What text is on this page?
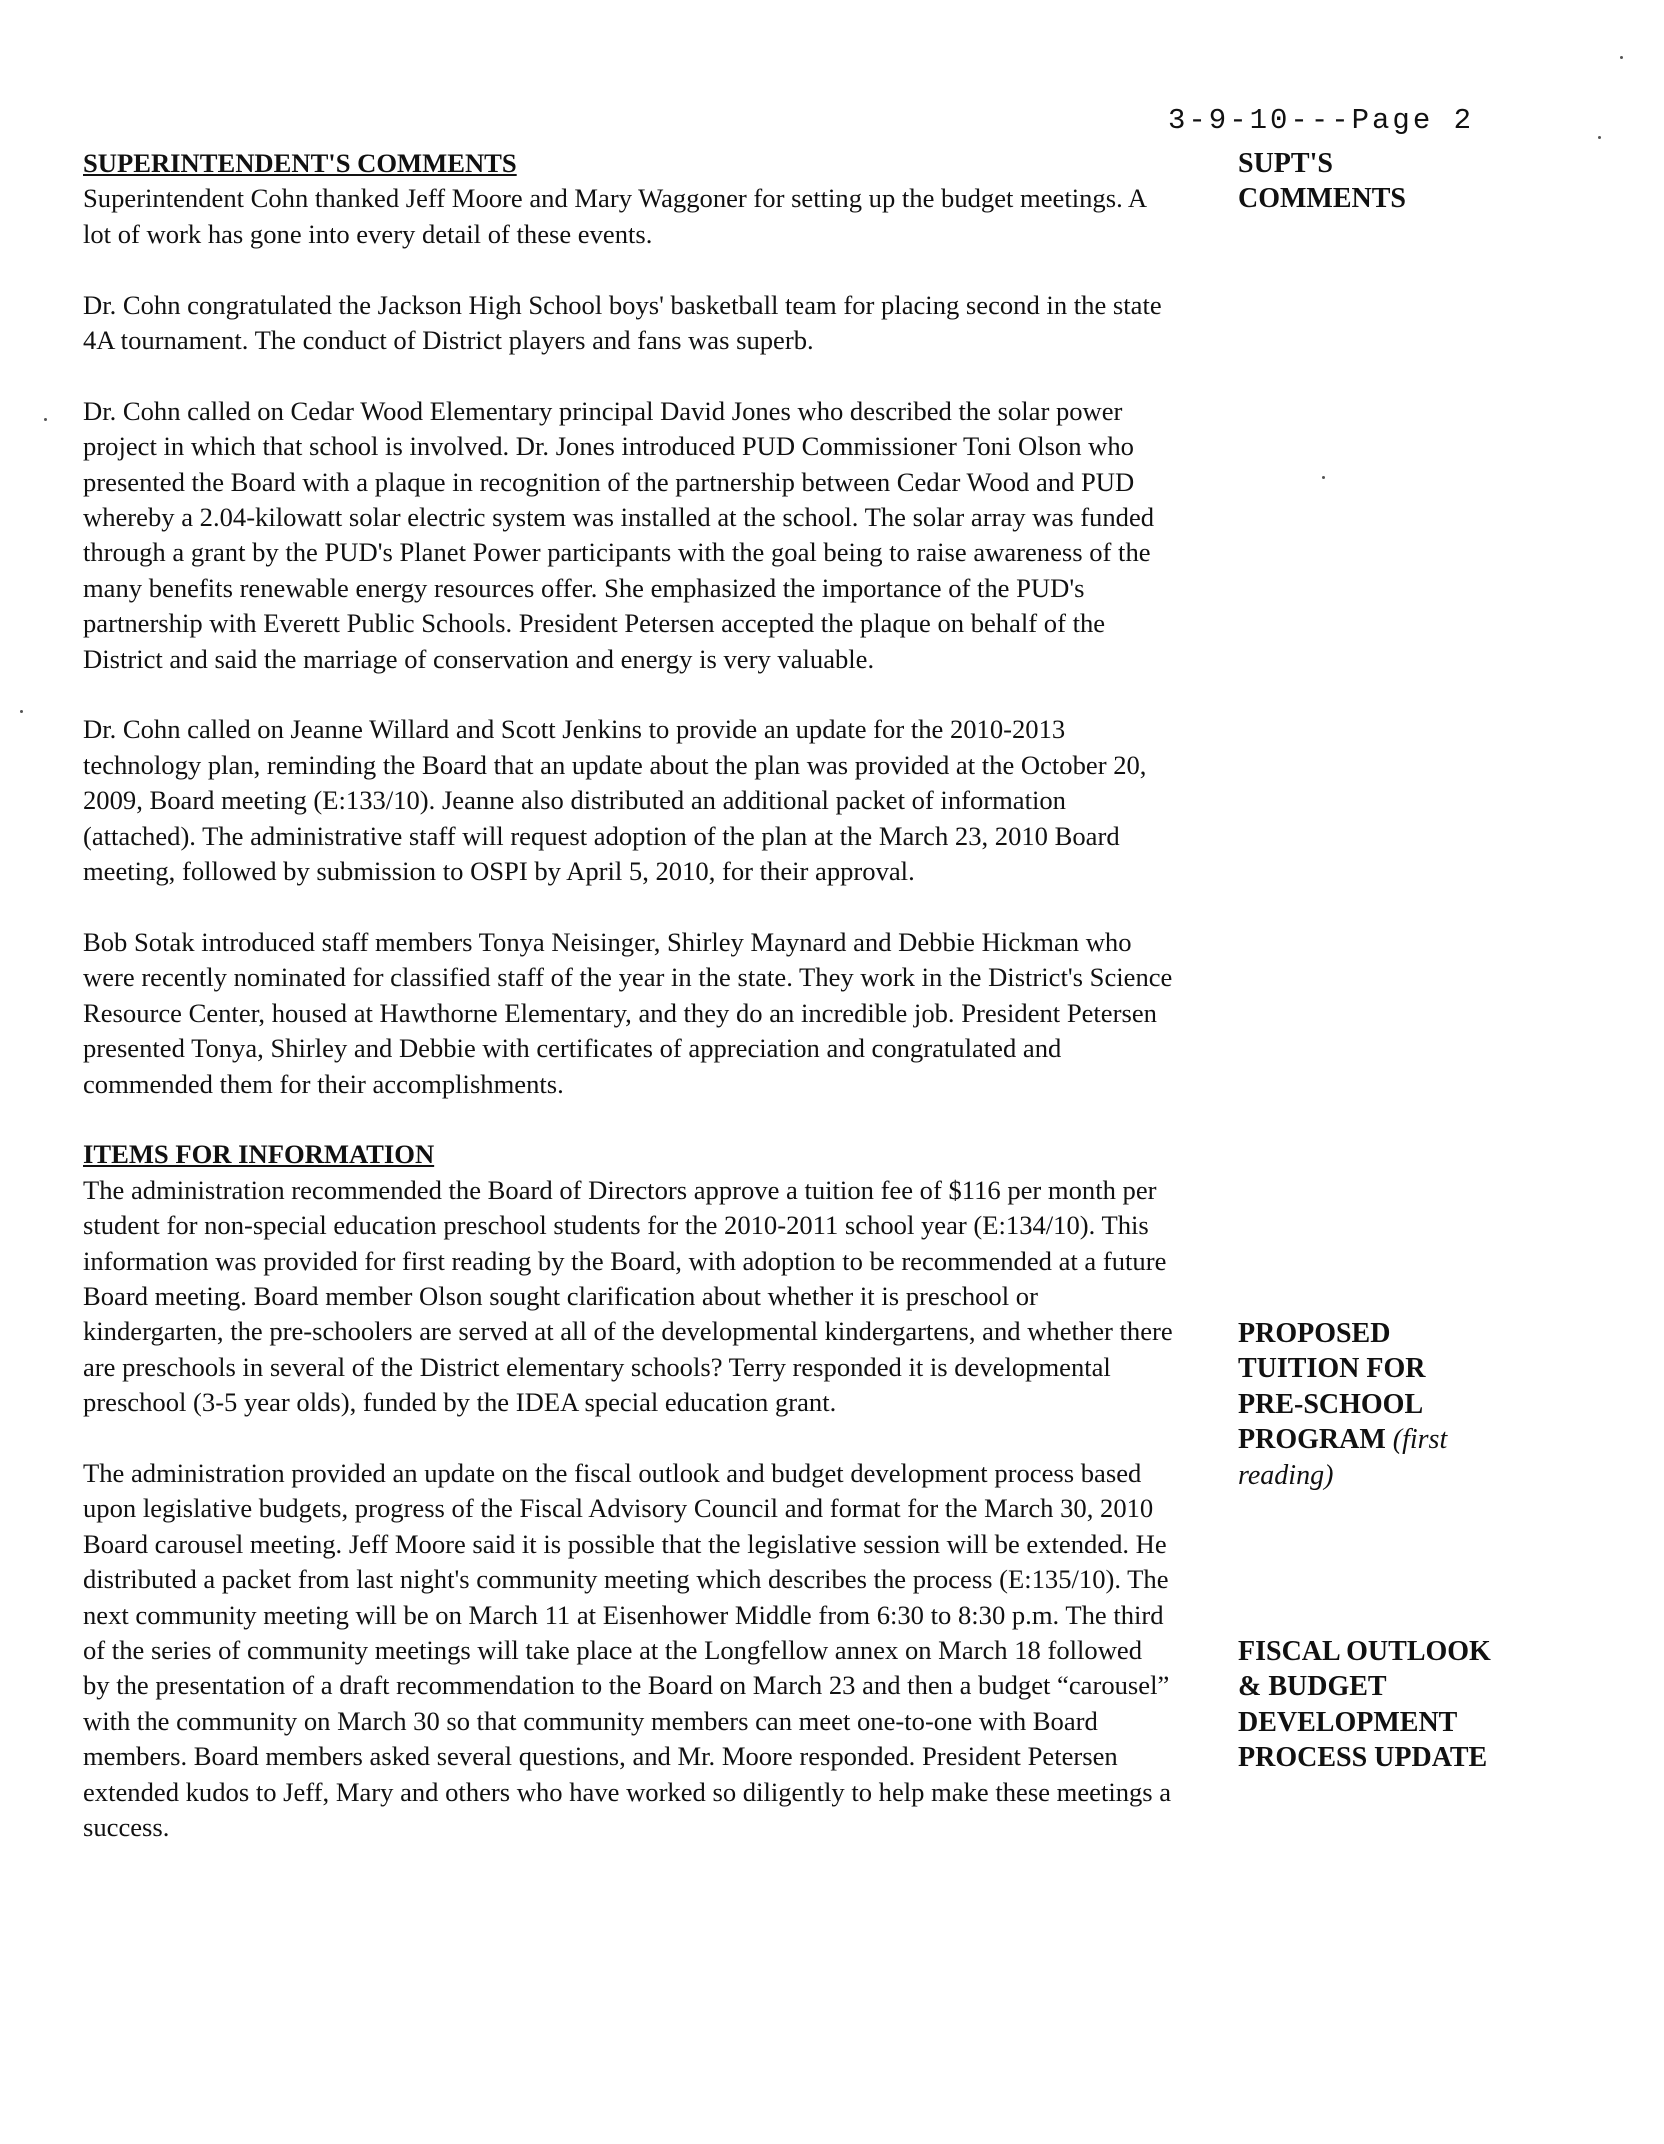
3-9-10---Page 2

SUPERINTENDENT'S COMMENTS

Superintendent Cohn thanked Jeff Moore and Mary Waggoner for setting up the budget meetings. A lot of work has gone into every detail of these events.

Dr. Cohn congratulated the Jackson High School boys' basketball team for placing second in the state 4A tournament. The conduct of District players and fans was superb.

Dr. Cohn called on Cedar Wood Elementary principal David Jones who described the solar power project in which that school is involved. Dr. Jones introduced PUD Commissioner Toni Olson who presented the Board with a plaque in recognition of the partnership between Cedar Wood and PUD whereby a 2.04-kilowatt solar electric system was installed at the school. The solar array was funded through a grant by the PUD's Planet Power participants with the goal being to raise awareness of the many benefits renewable energy resources offer. She emphasized the importance of the PUD's partnership with Everett Public Schools. President Petersen accepted the plaque on behalf of the District and said the marriage of conservation and energy is very valuable.

Dr. Cohn called on Jeanne Willard and Scott Jenkins to provide an update for the 2010-2013 technology plan, reminding the Board that an update about the plan was provided at the October 20, 2009, Board meeting (E:133/10). Jeanne also distributed an additional packet of information (attached). The administrative staff will request adoption of the plan at the March 23, 2010 Board meeting, followed by submission to OSPI by April 5, 2010, for their approval.

Bob Sotak introduced staff members Tonya Neisinger, Shirley Maynard and Debbie Hickman who were recently nominated for classified staff of the year in the state. They work in the District's Science Resource Center, housed at Hawthorne Elementary, and they do an incredible job. President Petersen presented Tonya, Shirley and Debbie with certificates of appreciation and congratulated and commended them for their accomplishments.

ITEMS FOR INFORMATION

The administration recommended the Board of Directors approve a tuition fee of $116 per month per student for non-special education preschool students for the 2010-2011 school year (E:134/10). This information was provided for first reading by the Board, with adoption to be recommended at a future Board meeting. Board member Olson sought clarification about whether it is preschool or kindergarten, the pre-schoolers are served at all of the developmental kindergartens, and whether there are preschools in several of the District elementary schools? Terry responded it is developmental preschool (3-5 year olds), funded by the IDEA special education grant.

The administration provided an update on the fiscal outlook and budget development process based upon legislative budgets, progress of the Fiscal Advisory Council and format for the March 30, 2010 Board carousel meeting. Jeff Moore said it is possible that the legislative session will be extended. He distributed a packet from last night's community meeting which describes the process (E:135/10). The next community meeting will be on March 11 at Eisenhower Middle from 6:30 to 8:30 p.m. The third of the series of community meetings will take place at the Longfellow annex on March 18 followed by the presentation of a draft recommendation to the Board on March 23 and then a budget “carousel” with the community on March 30 so that community members can meet one-to-one with Board members. Board members asked several questions, and Mr. Moore responded. President Petersen extended kudos to Jeff, Mary and others who have worked so diligently to help make these meetings a success.

SUPT'S
COMMENTS
PROPOSED
TUITION FOR
PRE-SCHOOL
PROGRAM (first
reading)
FISCAL OUTLOOK
& BUDGET
DEVELOPMENT
PROCESS UPDATE
